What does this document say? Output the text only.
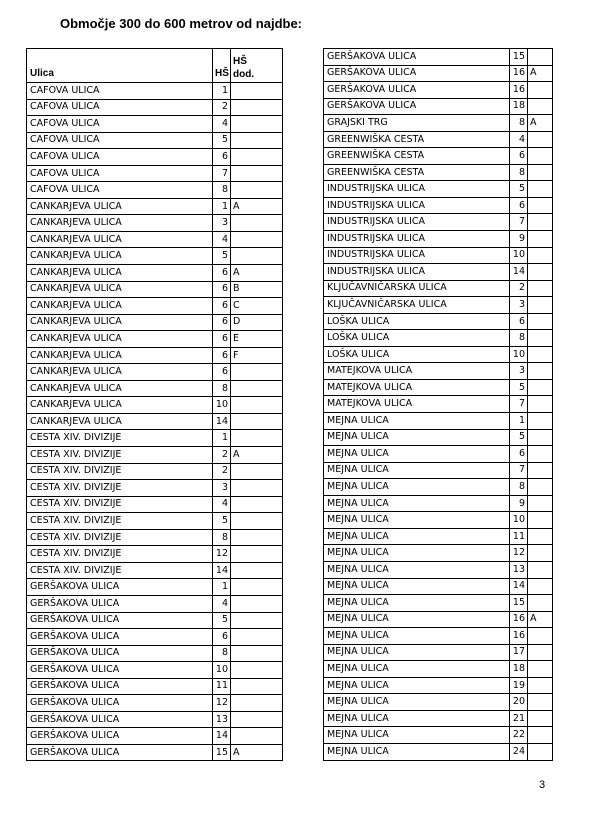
Območje 300 do 600 metrov od najdbe:
Ulica	HŠ	HŠ
dod.
CAFOVA ULICA	1	
CAFOVA ULICA	2	
CAFOVA ULICA	4	
CAFOVA ULICA	5	
CAFOVA ULICA	6	
CAFOVA ULICA	7	
CAFOVA ULICA	8	
CANKARJEVA ULICA	1	A
CANKARJEVA ULICA	3	
CANKARJEVA ULICA	4	
CANKARJEVA ULICA	5	
CANKARJEVA ULICA	6	A
CANKARJEVA ULICA	6	B
CANKARJEVA ULICA	6	C
CANKARJEVA ULICA	6	D
CANKARJEVA ULICA	6	E
CANKARJEVA ULICA	6	F
CANKARJEVA ULICA	6	
CANKARJEVA ULICA	8	
CANKARJEVA ULICA	10	
CANKARJEVA ULICA	14	
CESTA XIV. DIVIZIJE	1	
CESTA XIV. DIVIZIJE	2	A
CESTA XIV. DIVIZIJE	2	
CESTA XIV. DIVIZIJE	3	
CESTA XIV. DIVIZIJE	4	
CESTA XIV. DIVIZIJE	5	
CESTA XIV. DIVIZIJE	8	
CESTA XIV. DIVIZIJE	12	
CESTA XIV. DIVIZIJE	14	
GERŠAKOVA ULICA	1	
GERŠAKOVA ULICA	4	
GERŠAKOVA ULICA	5	
GERŠAKOVA ULICA	6	
GERŠAKOVA ULICA	8	
GERŠAKOVA ULICA	10	
GERŠAKOVA ULICA	11	
GERŠAKOVA ULICA	12	
GERŠAKOVA ULICA	13	
GERŠAKOVA ULICA	14	
GERŠAKOVA ULICA	15	A
GERŠAKOVA ULICA	15	
GERŠAKOVA ULICA	16	A
GERŠAKOVA ULICA	16	
GERŠAKOVA ULICA	18	
GRAJSKI TRG	8	A
GREENWIŠKA CESTA	4	
GREENWIŠKA CESTA	6	
GREENWIŠKA CESTA	8	
INDUSTRIJSKA ULICA	5	
INDUSTRIJSKA ULICA	6	
INDUSTRIJSKA ULICA	7	
INDUSTRIJSKA ULICA	9	
INDUSTRIJSKA ULICA	10	
INDUSTRIJSKA ULICA	14	
KLJUČAVNIČARSKA ULICA	2	
KLJUČAVNIČARSKA ULICA	3	
LOŠKA ULICA	6	
LOŠKA ULICA	8	
LOŠKA ULICA	10	
MATEJKOVA ULICA	3	
MATEJKOVA ULICA	5	
MATEJKOVA ULICA	7	
MEJNA ULICA	1	
MEJNA ULICA	5	
MEJNA ULICA	6	
MEJNA ULICA	7	
MEJNA ULICA	8	
MEJNA ULICA	9	
MEJNA ULICA	10	
MEJNA ULICA	11	
MEJNA ULICA	12	
MEJNA ULICA	13	
MEJNA ULICA	14	
MEJNA ULICA	15	
MEJNA ULICA	16	A
MEJNA ULICA	16	
MEJNA ULICA	17	
MEJNA ULICA	18	
MEJNA ULICA	19	
MEJNA ULICA	20	
MEJNA ULICA	21	
MEJNA ULICA	22	
MEJNA ULICA	24	
3
